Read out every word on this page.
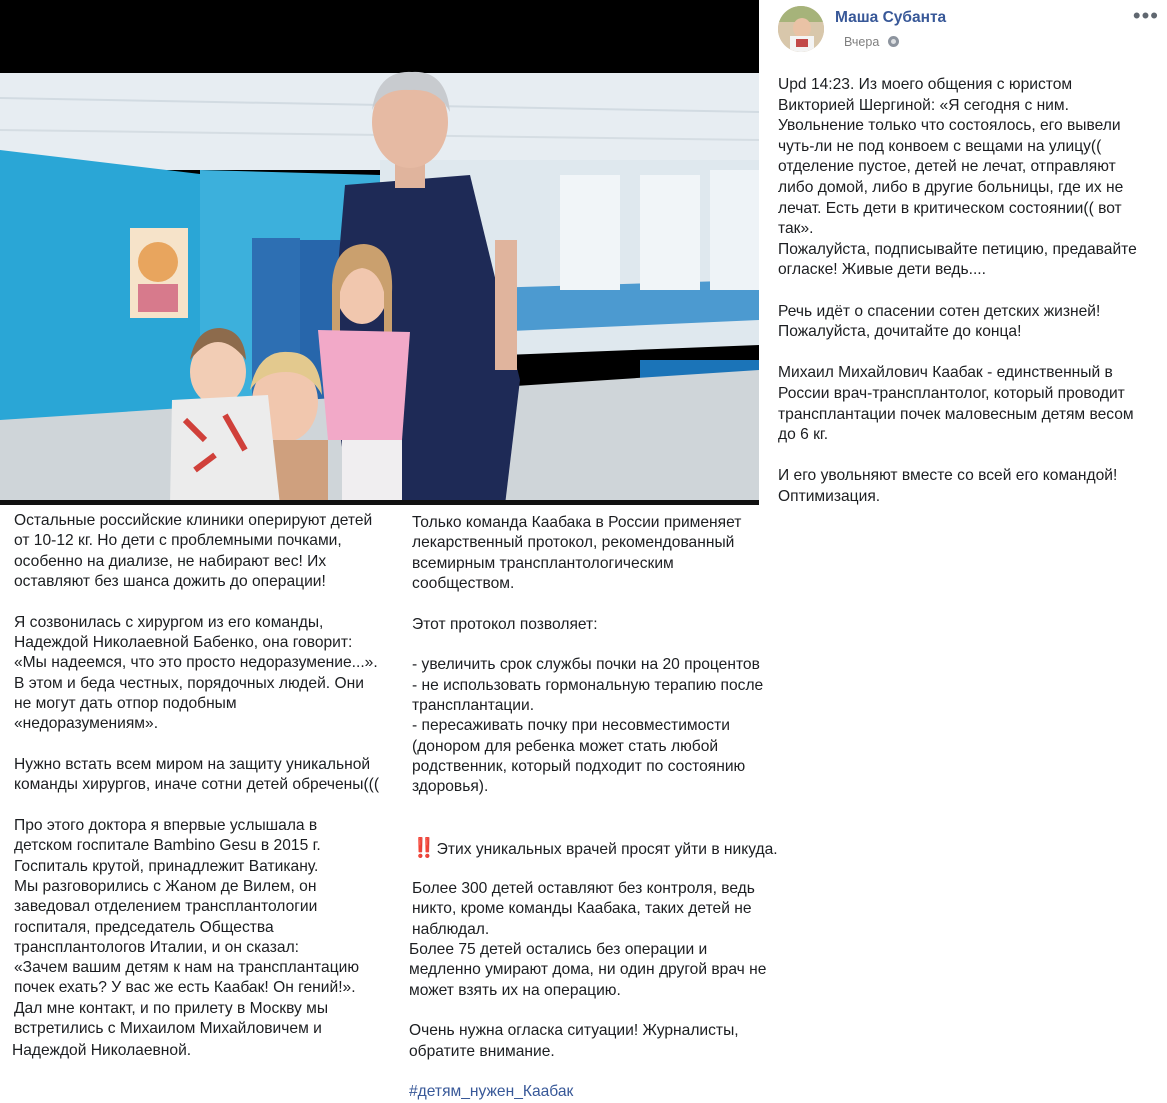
Маша Субанта
Вчера
•••
Upd 14:23. Из моего общения с юристом
Викторией Шергиной: «Я сегодня с ним.
Увольнение только что состоялось, его вывели
чуть-ли не под конвоем с вещами на улицу((
отделение пустое, детей не лечат, отправляют
либо домой, либо в другие больницы, где их не
лечат. Есть дети в критическом состоянии(( вот
так».
Пожалуйста, подписывайте петицию, предавайте
огласке! Живые дети ведь....

Речь идёт о спасении сотен детских жизней!
Пожалуйста, дочитайте до конца!

Михаил Михайлович Каабак - единственный в
России врач-трансплантолог, который проводит
трансплантации почек маловесным детям весом
до 6 кг.

И его увольняют вместе со всей его командой!
Оптимизация.

Остальные российские клиники оперируют детей
от 10-12 кг. Но дети с проблемными почками,
особенно на диализе, не набирают вес! Их
оставляют без шанса дожить до операции!

Я созвонилась с хирургом из его команды,
Надеждой Николаевной Бабенко, она говорит:
«Мы надеемся, что это просто недоразумение...».
В этом и беда честных, порядочных людей. Они
не могут дать отпор подобным
«недоразумениям».

Нужно встать всем миром на защиту уникальной
команды хирургов, иначе сотни детей обречены(((

Про этого доктора я впервые услышала в
детском госпитале Bambino Gesu в 2015 г.
Госпиталь крутой, принадлежит Ватикану.
Мы разговорились с Жаном де Вилем, он
заведовал отделением трансплантологии
госпиталя, председатель Общества
трансплантологов Италии, и он сказал:
«Зачем вашим детям к нам на трансплантацию
почек ехать? У вас же есть Каабак! Он гений!».
Дал мне контакт, и по прилету в Москву мы
встретились с Михаилом Михайловичем и

Надеждой Николаевной.

Только команда Каабака в России применяет
лекарственный протокол, рекомендованный
всемирным трансплантологическим
сообществом.

Этот протокол позволяет:

- увеличить срок службы почки на 20 процентов
- не использовать гормональную терапию после
трансплантации.
- пересаживать почку при несовместимости
(донором для ребенка может стать любой
родственник, который подходит по состоянию
здоровья).

‼️ Этих уникальных врачей просят уйти в никуда.

Более 300 детей оставляют без контроля, ведь
никто, кроме команды Каабака, таких детей не
наблюдал.

Более 75 детей остались без операции и
медленно умирают дома, ни один другой врач не
может взять их на операцию.

Очень нужна огласка ситуации! Журналисты,
обратите внимание.

#детям_нужен_Каабак
